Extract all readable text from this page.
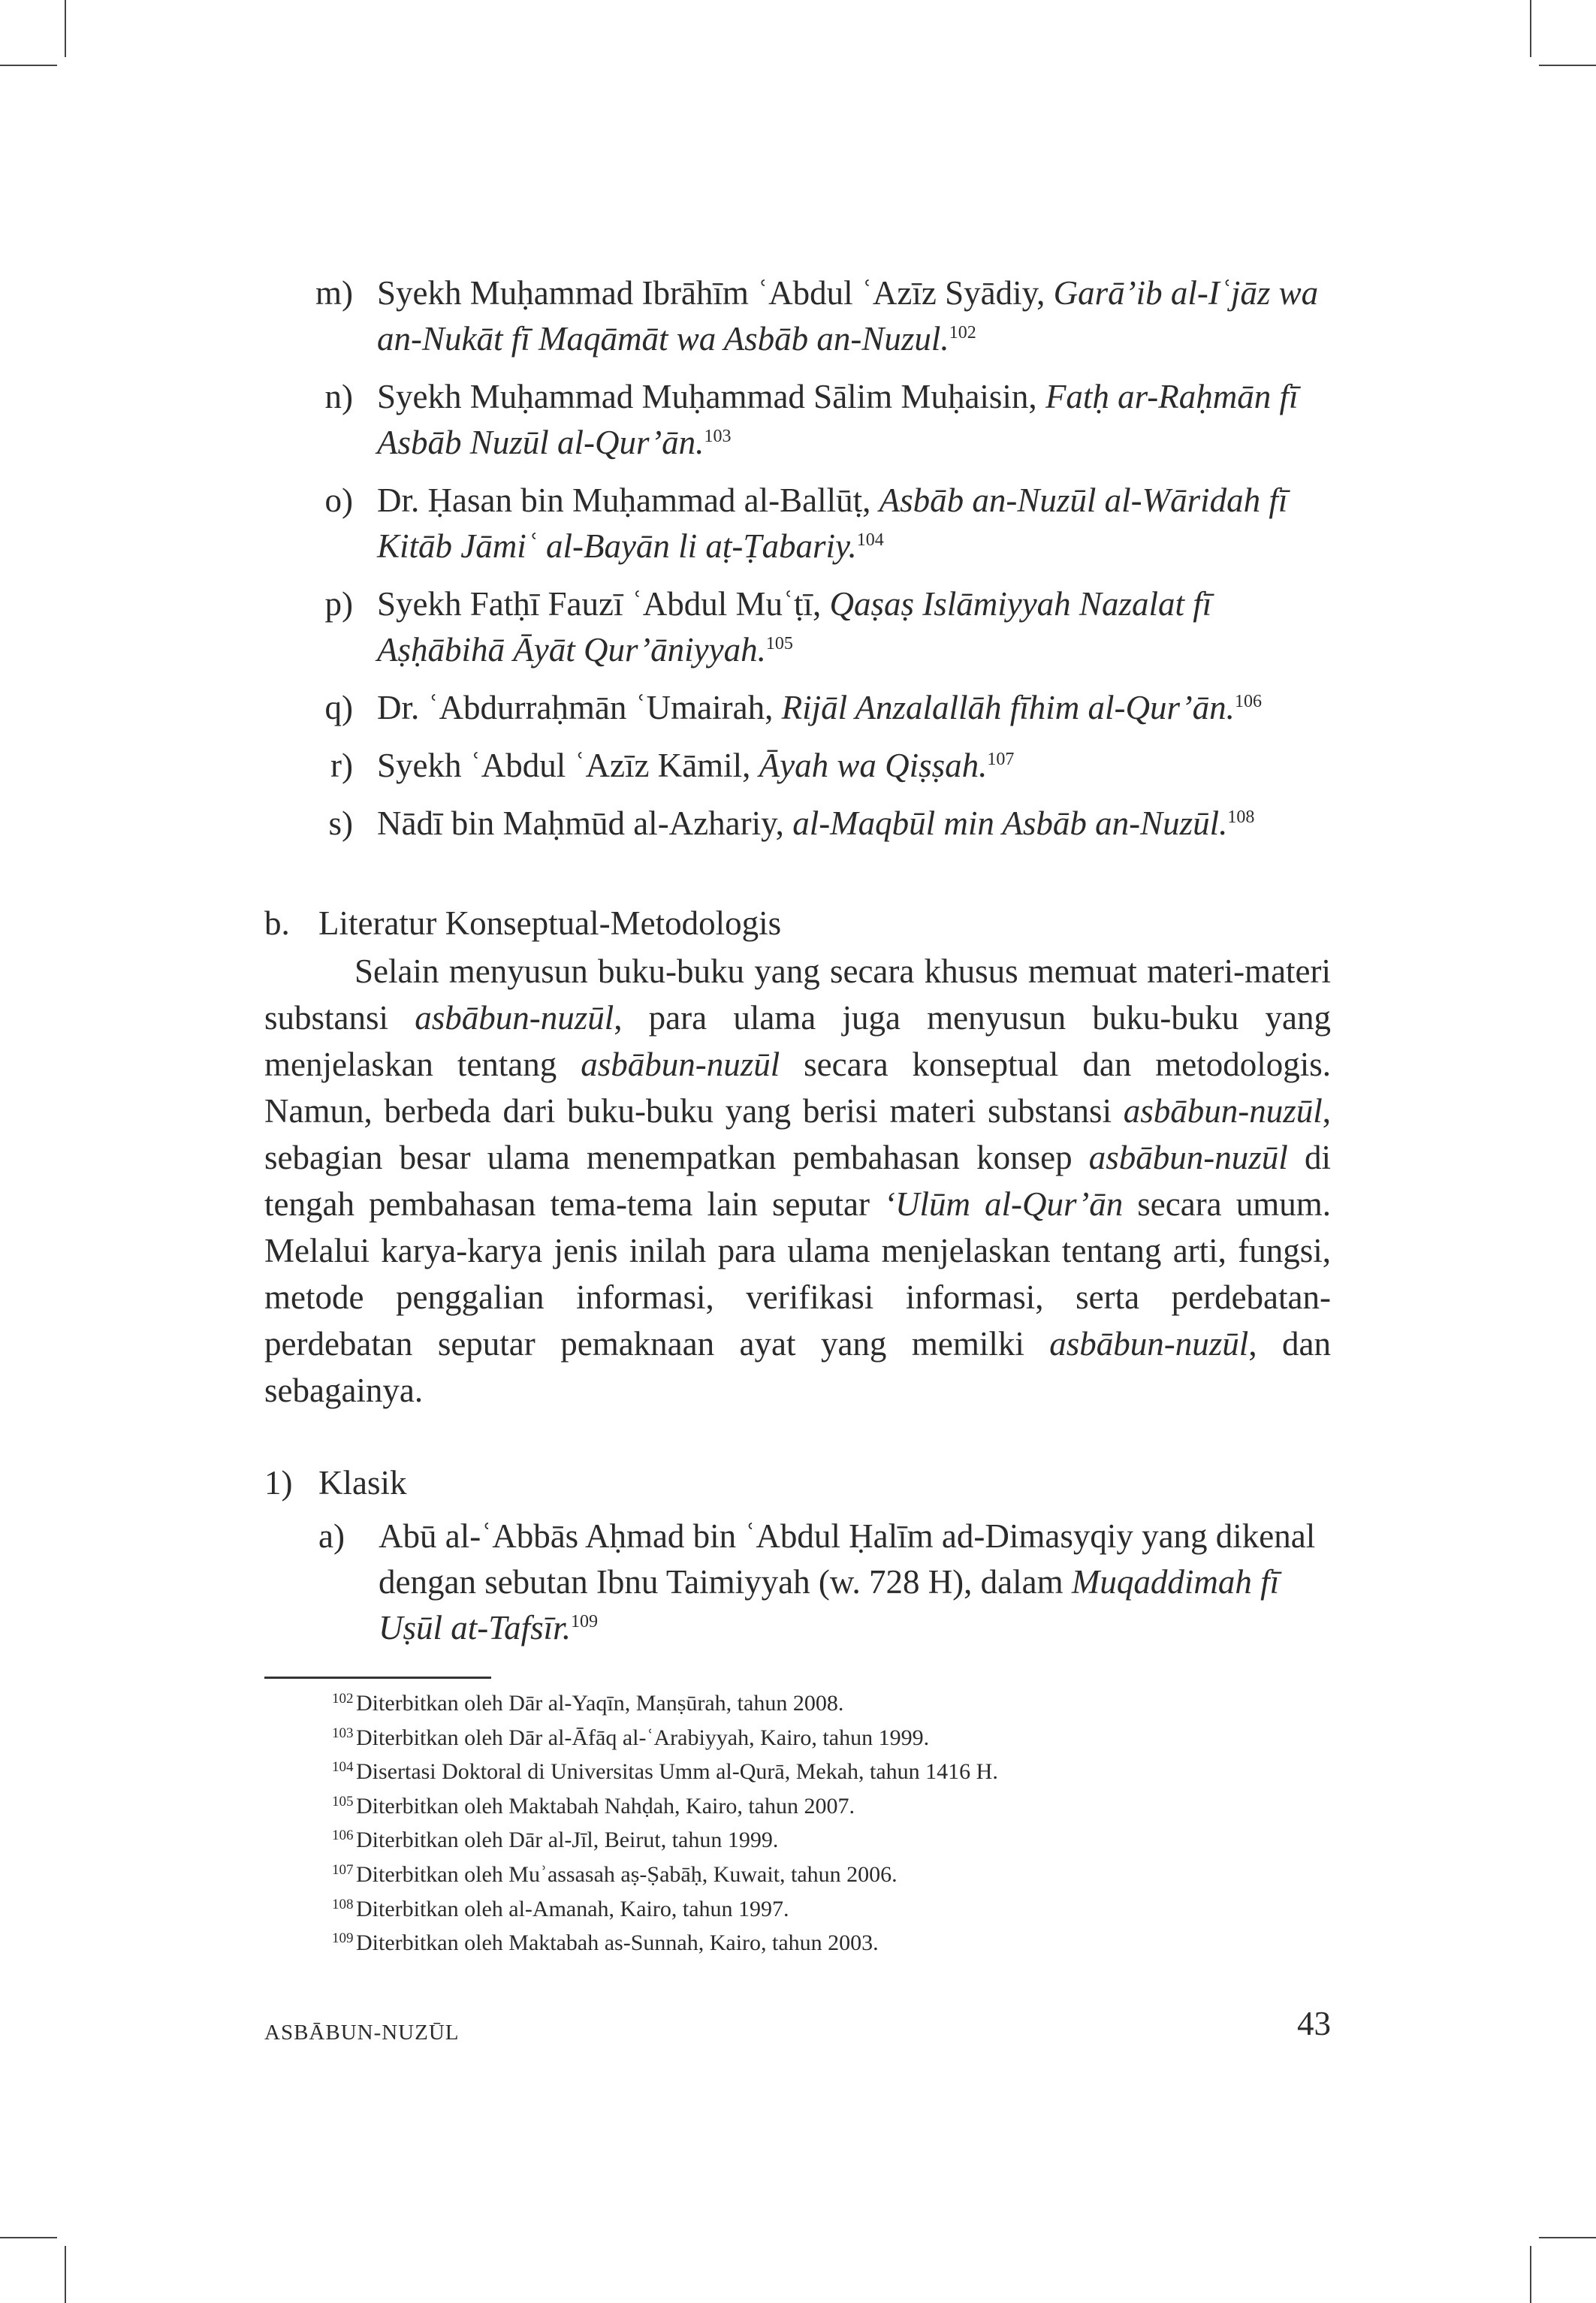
m) Syekh Muḥammad Ibrāhīm ʿAbdul ʿAzīz Syādiy, Garā’ib al-Iʿjāz wa an-Nukāt fī Maqāmāt wa Asbāb an-Nuzul.$^{102}$
n) Syekh Muḥammad Muḥammad Sālim Muḥaisin, Fatḥ ar-Raḥmān fī Asbāb Nuzūl al-Qur’ān.$^{103}$
o) Dr. Ḥasan bin Muḥammad al-Ballūṭ, Asbāb an-Nuzūl al-Wāridah fī Kitāb Jāmiʿ al-Bayān li aṭ-Ṭabariy.$^{104}$
p) Syekh Fatḥī Fauzī ʿAbdul Muʿṭī, Qaṣaṣ Islāmiyyah Nazalat fī Aṣḥābihā Āyāt Qur’āniyyah.$^{105}$
q) Dr. ʿAbdurraḥmān ʿUmairah, Rijāl Anzalallāh fīhim al-Qur’ān.$^{106}$
r) Syekh ʿAbdul ʿAzīz Kāmil, Āyah wa Qiṣṣah.$^{107}$
s) Nādī bin Maḥmūd al-Azhariy, al-Maqbūl min Asbāb an-Nuzūl.$^{108}$
b. Literatur Konseptual-Metodologis
Selain menyusun buku-buku yang secara khusus memuat materi-materi substansi asbābun-nuzūl, para ulama juga menyusun buku-buku yang menjelaskan tentang asbābun-nuzūl secara konseptual dan metodologis. Namun, berbeda dari buku-buku yang berisi materi substansi asbābun-nuzūl, sebagian besar ulama menempatkan pembahasan konsep asbābun-nuzūl di tengah pembahasan tema-tema lain seputar ‘Ulūm al-Qur’ān secara umum. Melalui karya-karya jenis inilah para ulama menjelaskan tentang arti, fungsi, metode penggalian informasi, verifikasi informasi, serta perdebatan-perdebatan seputar pemaknaan ayat yang memilki asbābun-nuzūl, dan sebagainya.
1) Klasik
a) Abū al-ʿAbbās Aḥmad bin ʿAbdul Ḥalīm ad-Dimasyqiy yang dikenal dengan sebutan Ibnu Taimiyyah (w. 728 H), dalam Muqaddimah fī Uṣūl at-Tafsīr.$^{109}$
102 Diterbitkan oleh Dār al-Yaqīn, Manṣūrah, tahun 2008.
103 Diterbitkan oleh Dār al-Āfāq al-ʿArabiyyah, Kairo, tahun 1999.
104 Disertasi Doktoral di Universitas Umm al-Qurā, Mekah, tahun 1416 H.
105 Diterbitkan oleh Maktabah Nahḍah, Kairo, tahun 2007.
106 Diterbitkan oleh Dār al-Jīl, Beirut, tahun 1999.
107 Diterbitkan oleh Muʾassasah aṣ-Ṣabāḥ, Kuwait, tahun 2006.
108 Diterbitkan oleh al-Amanah, Kairo, tahun 1997.
109 Diterbitkan oleh Maktabah as-Sunnah, Kairo, tahun 2003.
ASBĀBUN-NUZŪL	43
